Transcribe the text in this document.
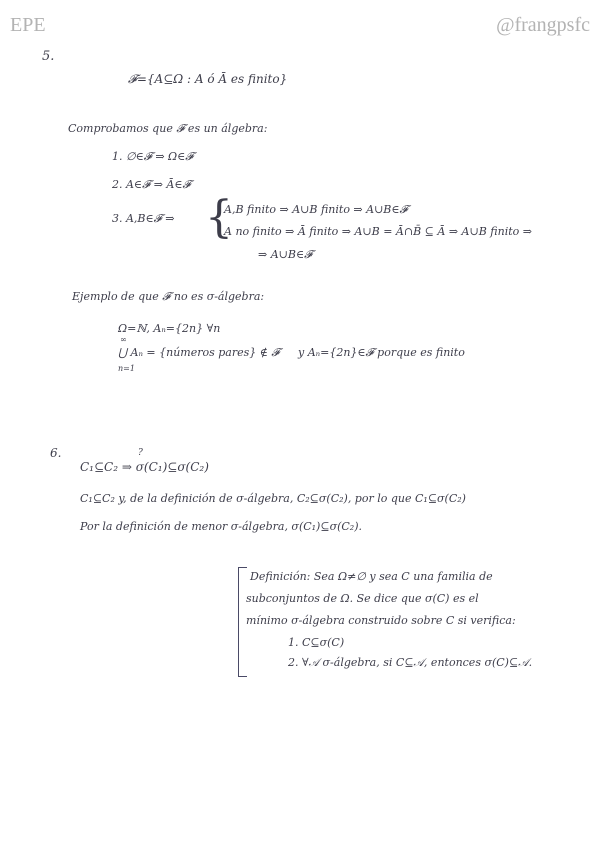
EPE	@frangpsfc
5.
𝓕={A⊆Ω : A ó Ā es finito}
Comprobamos que 𝓕 es un álgebra:
1. ∅∈𝓕 ⇒ Ω∈𝓕
2. A∈𝓕 ⇒ Ā∈𝓕
3. A,B∈𝓕 ⇒ {
A,B finito ⇒ A∪B finito ⇒ A∪B∈𝓕
A no finito ⇒ Ā finito ⇒ A∪B = Ā∩B̄ ⊆ Ā ⇒ A∪B finito ⇒
⇒ A∪B∈𝓕
Ejemplo de que 𝓕 no es σ-álgebra:
Ω=ℕ, Aₙ={2n} ∀n
∞
⋃ Aₙ = {números pares} ∉ 𝓕
n=1
y Aₙ={2n}∈𝓕 porque es finito
6.	?
C₁⊆C₂ ⇒ σ(C₁)⊆σ(C₂)
C₁⊆C₂ y, de la definición de σ-álgebra, C₂⊆σ(C₂), por lo que C₁⊆σ(C₂)
Por la definición de menor σ-álgebra, σ(C₁)⊆σ(C₂).
Definición: Sea Ω≠∅ y sea C una familia de
subconjuntos de Ω. Se dice que σ(C) es el
mínimo σ-álgebra construido sobre C si verifica:
1. C⊆σ(C)
2. ∀𝒜 σ-álgebra, si C⊆𝒜, entonces σ(C)⊆𝒜.
